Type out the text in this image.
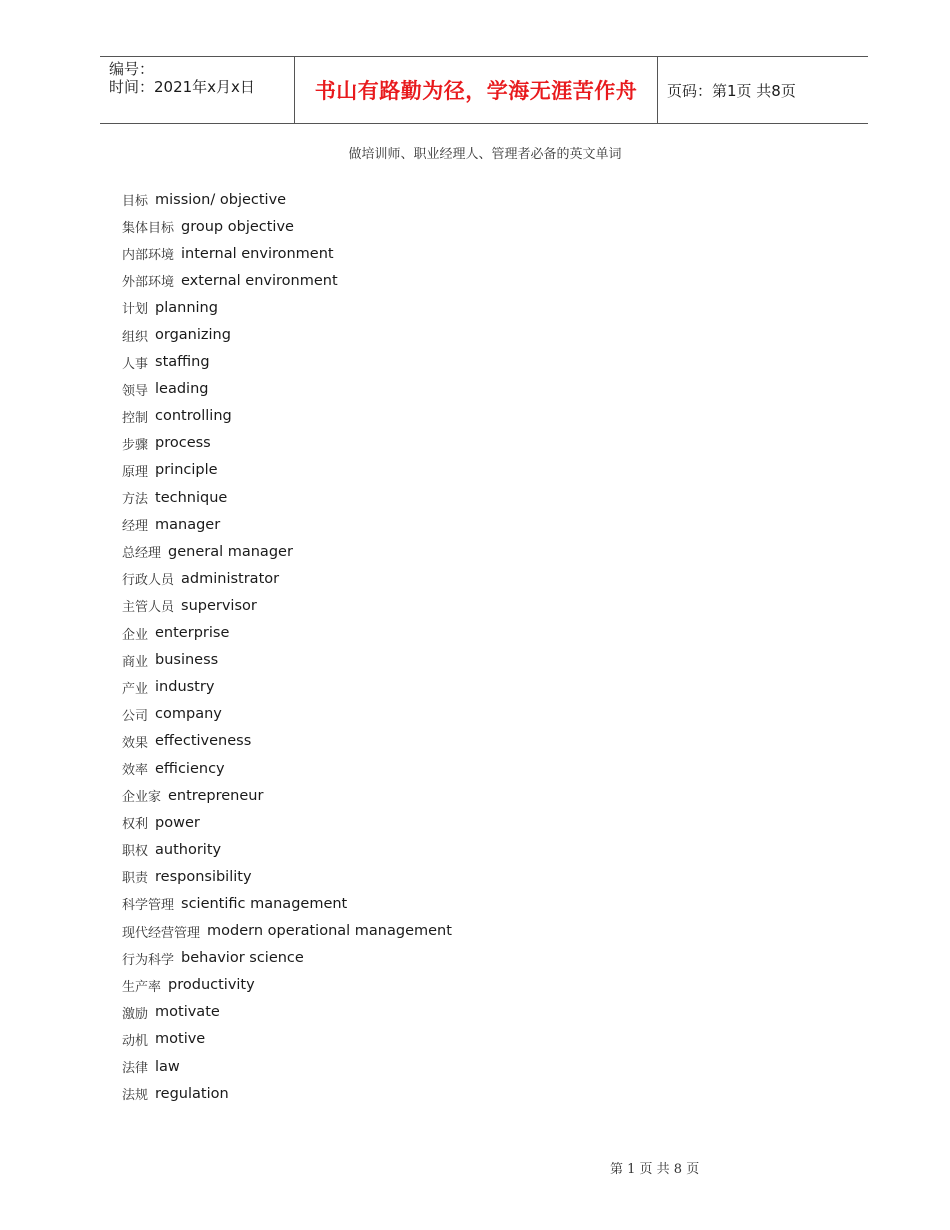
编号：
时间：2021年x月x日	书山有路勤为径，学海无涯苦作舟 页码：第1页 共8页
做培训师、职业经理人、管理者必备的英文单词
目标 mission/ objective
集体目标 group objective
内部环境 internal environment
外部环境 external environment
计划 planning
组织 organizing
人事 staffing
领导 leading
控制 controlling
步骤 process
原理 principle
方法 technique
经理 manager
总经理 general manager
行政人员 administrator
主管人员 supervisor
企业 enterprise
商业 business
产业 industry
公司 company
效果 effectiveness
效率 efficiency
企业家 entrepreneur
权利 power
职权 authority
职责 responsibility
科学管理 scientific management
现代经营管理 modern operational management
行为科学 behavior science
生产率 productivity
激励 motivate
动机 motive
法律 law
法规 regulation
第 1 页 共 8 页
